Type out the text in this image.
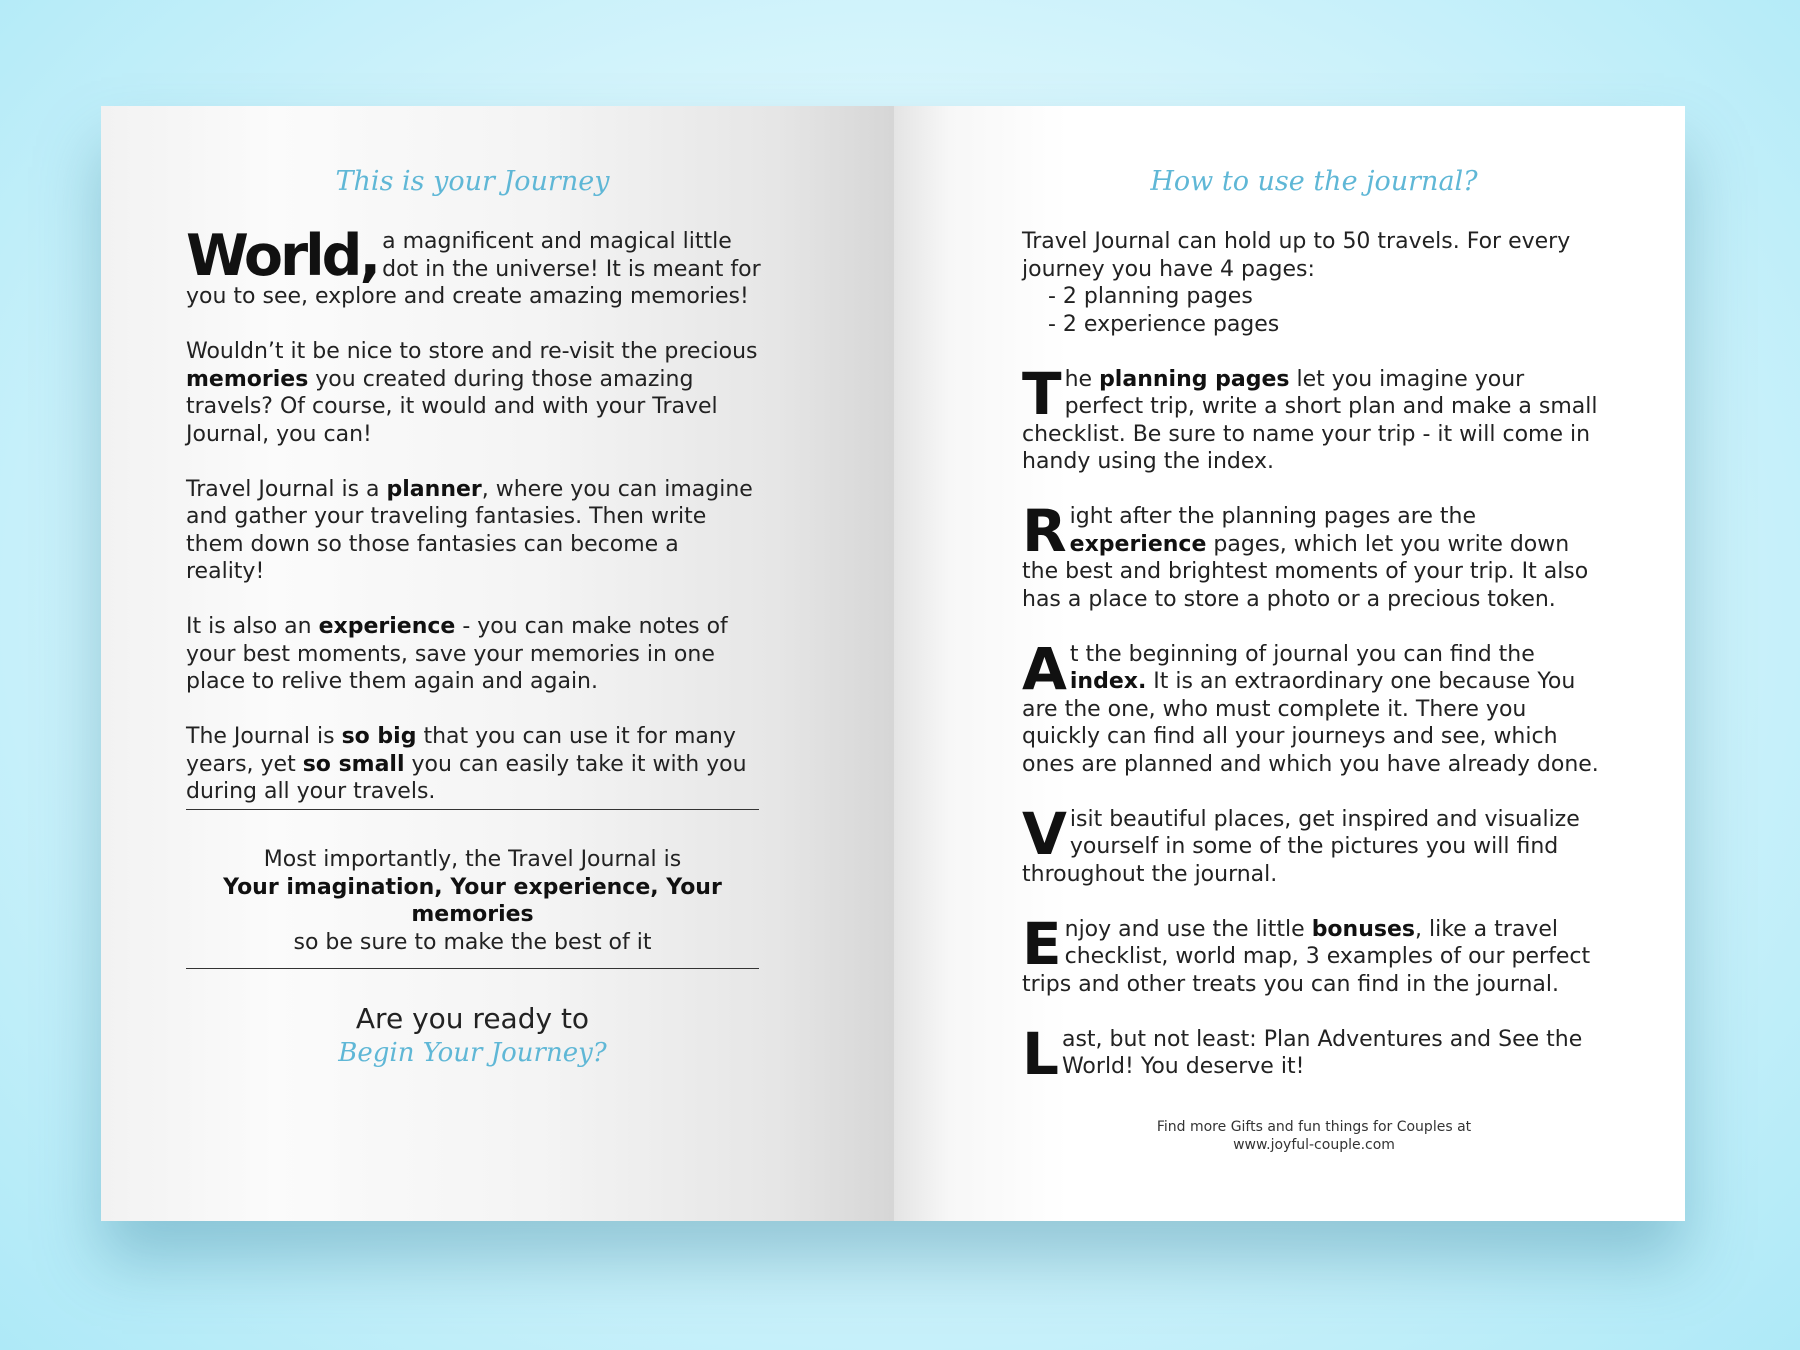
This is your Journey

World, a magnificent and magical little dot in the universe! It is meant for you to see, explore and create amazing memories!

Wouldn’t it be nice to store and re-visit the precious memories you created during those amazing travels? Of course, it would and with your Travel Journal, you can!

Travel Journal is a planner, where you can imagine and gather your traveling fantasies. Then write them down so those fantasies can become a reality!

It is also an experience - you can make notes of your best moments, save your memories in one place to relive them again and again.

The Journal is so big that you can use it for many years, yet so small you can easily take it with you during all your travels.

Most importantly, the Travel Journal is
Your imagination, Your experience, Your memories
so be sure to make the best of it
Are you ready to
Begin Your Journey?
How to use the journal?

Travel Journal can hold up to 50 travels. For every journey you have 4 pages:
- 2 planning pages
- 2 experience pages

The planning pages let you imagine your perfect trip, write a short plan and make a small checklist. Be sure to name your trip - it will come in handy using the index.

Right after the planning pages are the experience pages, which let you write down the best and brightest moments of your trip. It also has a place to store a photo or a precious token.

At the beginning of journal you can find the index. It is an extraordinary one because You are the one, who must complete it. There you quickly can find all your journeys and see, which ones are planned and which you have already done.

Visit beautiful places, get inspired and visualize yourself in some of the pictures you will find throughout the journal.

Enjoy and use the little bonuses, like a travel checklist, world map, 3 examples of our perfect trips and other treats you can find in the journal.

Last, but not least: Plan Adventures and See the World! You deserve it!

Find more Gifts and fun things for Couples at
www.joyful-couple.com
